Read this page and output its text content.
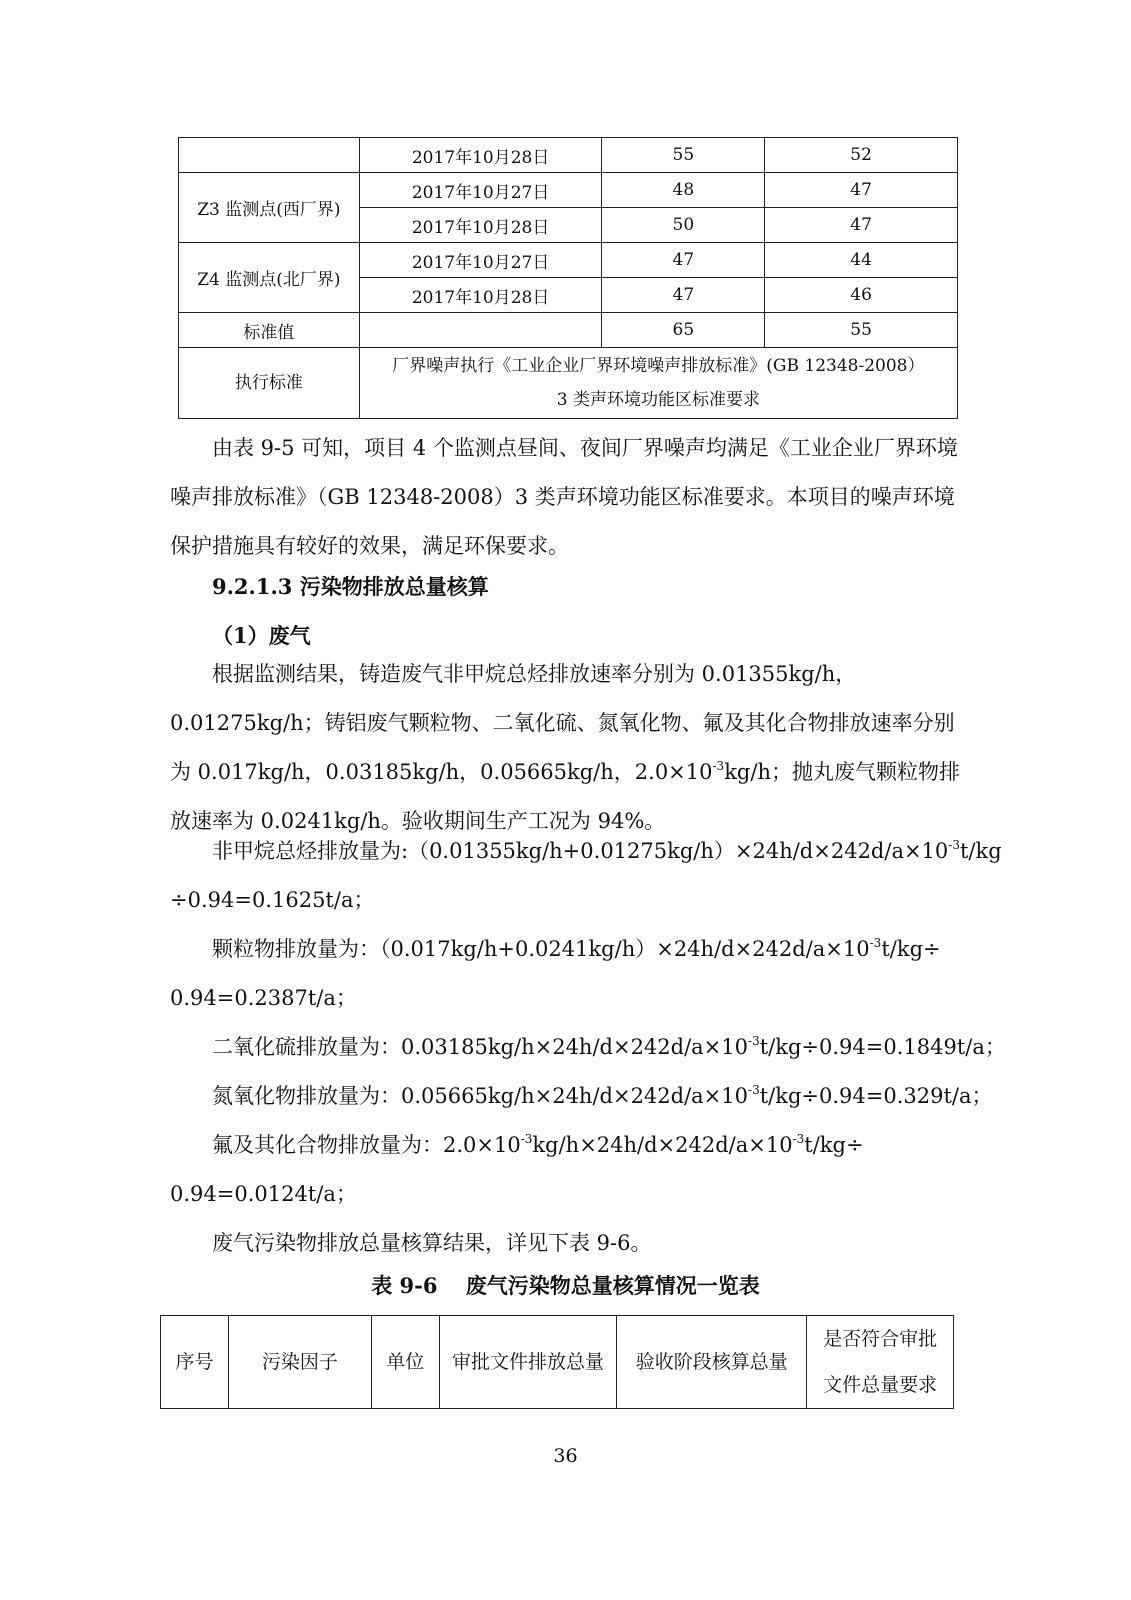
	2017年10月28日	55	52
Z3 监测点(西厂界)	2017年10月27日	48	47
	2017年10月28日	50	47
Z4 监测点(北厂界)	2017年10月27日	47	44
	2017年10月28日	47	46
标准值		65	55
执行标准	厂界噪声执行《工业企业厂界环境噪声排放标准》(GB 12348-2008）
3 类声环境功能区标准要求		
由表 9-5 可知，项目 4 个监测点昼间、夜间厂界噪声均满足《工业企业厂界环境噪声排放标准》（GB 12348-2008）3 类声环境功能区标准要求。本项目的噪声环境保护措施具有较好的效果，满足环保要求。
9.2.1.3 污染物排放总量核算
（1）废气
根据监测结果，铸造废气非甲烷总烃排放速率分别为 0.01355kg/h，0.01275kg/h；铸铝废气颗粒物、二氧化硫、氮氧化物、氟及其化合物排放速率分别为 0.017kg/h，0.03185kg/h，0.05665kg/h，$2.0\times 10^{-3}kg/h$；抛丸废气颗粒物排放速率为 0.0241kg/h。验收期间生产工况为 94%。
非甲烷总烃排放量为$:(0.01355kg/h+0.01275kg/h)\times 24h/d\times 242d/a\times 10^{-3}t/kg$
÷0.94=0.1625t/a；
颗粒物排放量为：$(0.017kg/h+0.0241kg/h)\times 24h/d\times 242d/a\times 10^{-3}t/kg\div$
0.94=0.2387t/a；
二氧化硫排放量为：$0.03185kg/h\times 24h/d\times 242d/a\times 10^{-3}t/kg\div 0.94=0.1849t/a$；
氮氧化物排放量为：$0.05665kg/h\times 24h/d\times 242d/a\times 10^{-3}t/kg\div 0.94=0.329t/a$；
氟及其化合物排放量为：$2.0\times 10^{-3}kg/h\times 24h/d\times 242d/a\times 10^{-3}t/kg\div$
0.94=0.0124t/a；
废气污染物排放总量核算结果，详见下表 9-6。
表 9-6　 废气污染物总量核算情况一览表
序号	污染因子	单位	审批文件排放总量	验收阶段核算总量	是否符合审批文件总量要求
36
